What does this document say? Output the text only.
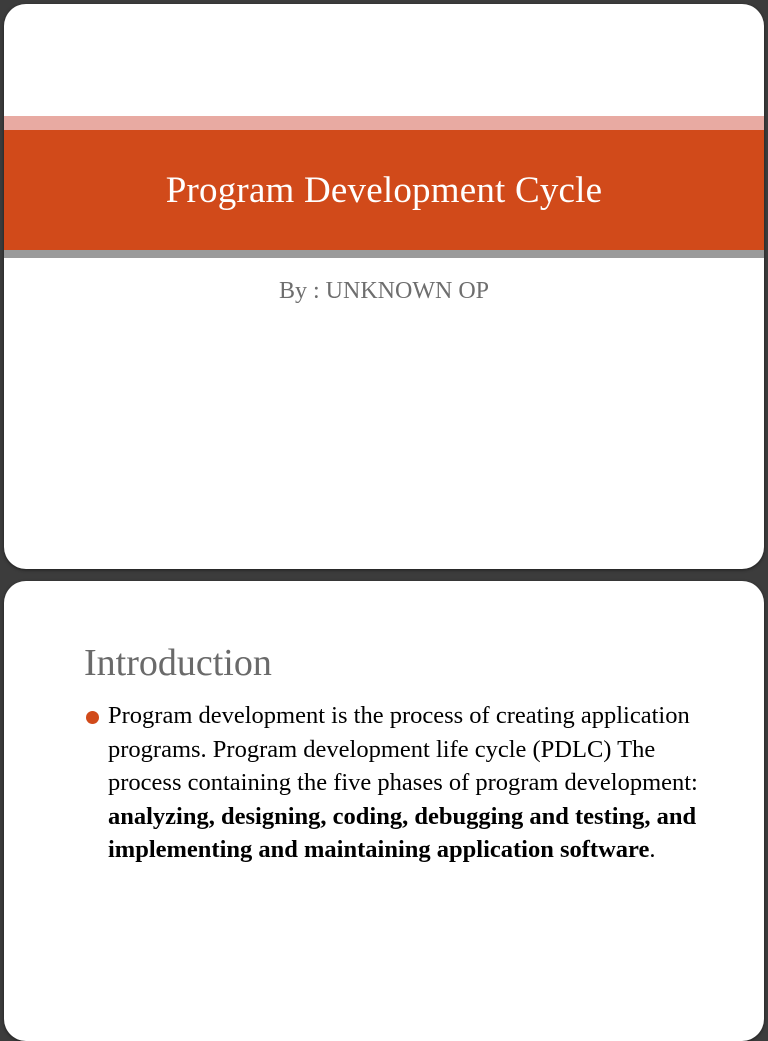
Program Development Cycle
By : UNKNOWN OP
Introduction
Program development is the process of creating application programs. Program development life cycle (PDLC) The process containing the five phases of program development: analyzing, designing, coding, debugging and testing, and implementing and maintaining application software.
